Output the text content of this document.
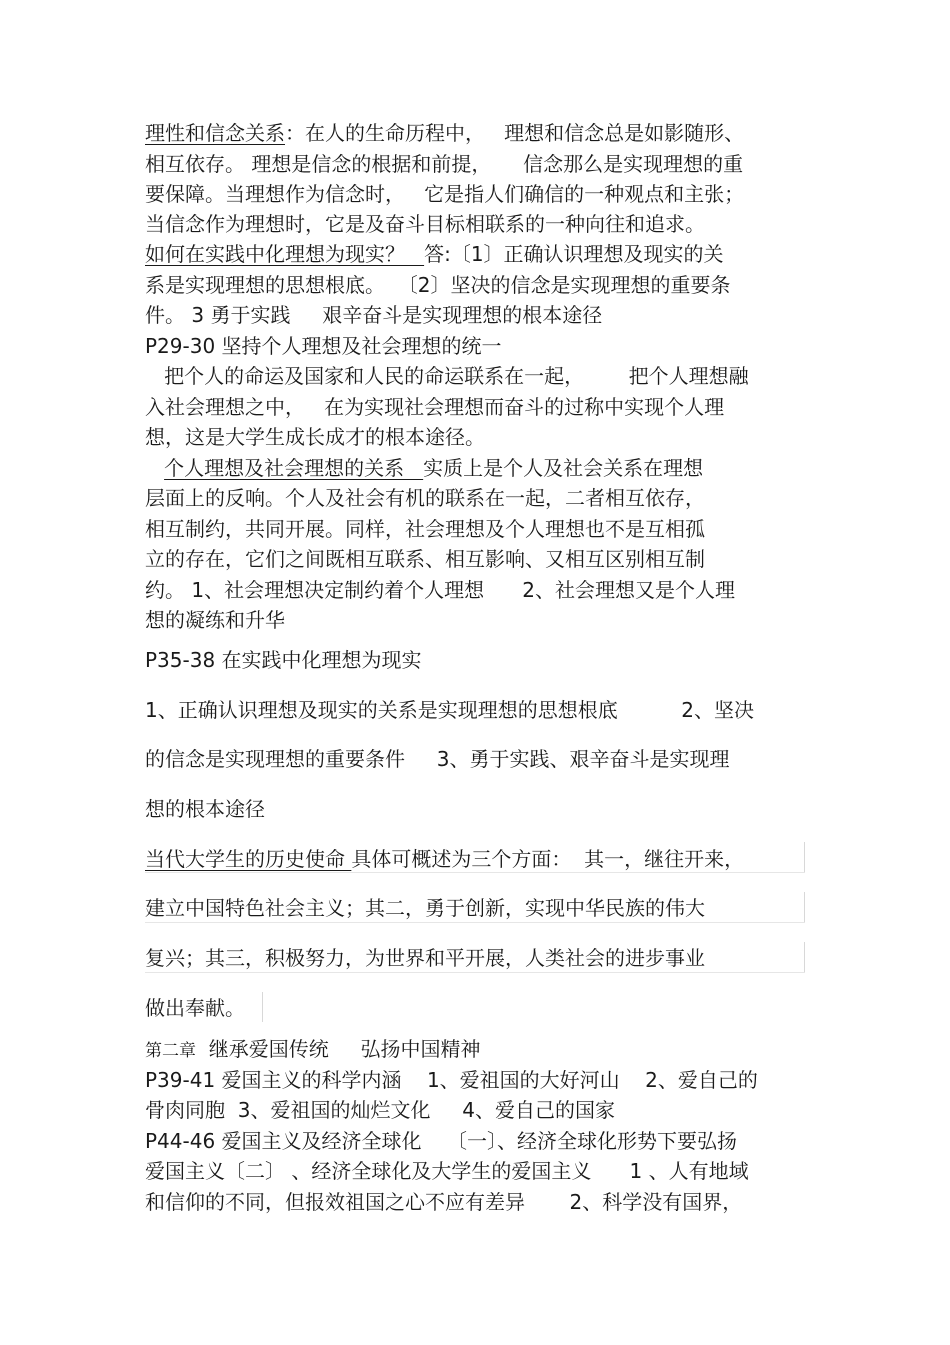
理性和信念关系：在人的生命历程中，   理想和信念总是如影随形、
相互依存。 理想是信念的根据和前提，     信念那么是实现理想的重
要保障。当理想作为信念时，   它是指人们确信的一种观点和主张；
当信念作为理想时，它是及奋斗目标相联系的一种向往和追求。
如何在实践中化理想为现实？   答:〔1〕正确认识理想及现实的关
系是实现理想的思想根底。  〔2〕坚决的信念是实现理想的重要条
件。 3 勇于实践     艰辛奋斗是实现理想的根本途径
P29-30 坚持个人理想及社会理想的统一
把个人的命运及国家和人民的命运联系在一起，       把个人理想融
入社会理想之中，   在为实现社会理想而奋斗的过称中实现个人理
想，这是大学生成长成才的根本途径。
个人理想及社会理想的关系   实质上是个人及社会关系在理想
层面上的反响。个人及社会有机的联系在一起，二者相互依存，
相互制约，共同开展。同样，社会理想及个人理想也不是互相孤
立的存在，它们之间既相互联系、相互影响、又相互区别相互制
约。 1、社会理想决定制约着个人理想      2、社会理想又是个人理
想的凝练和升华
P35-38 在实践中化理想为现实
1、正确认识理想及现实的关系是实现理想的思想根底          2、坚决
的信念是实现理想的重要条件     3、勇于实践、艰辛奋斗是实现理
想的根本途径
当代大学生的历史使命 具体可概述为三个方面：  其一，继往开来，
建立中国特色社会主义；其二，勇于创新，实现中华民族的伟大
复兴；其三，积极努力，为世界和平开展，人类社会的进步事业
做出奉献。
第二章  继承爱国传统     弘扬中国精神
P39-41 爱国主义的科学内涵    1、爱祖国的大好河山    2、爱自己的
骨肉同胞  3、爱祖国的灿烂文化     4、爱自己的国家
P44-46 爱国主义及经济全球化    〔一〕、经济全球化形势下要弘扬
爱国主义〔二〕 、经济全球化及大学生的爱国主义      1 、人有地域
和信仰的不同，但报效祖国之心不应有差异       2、科学没有国界，
